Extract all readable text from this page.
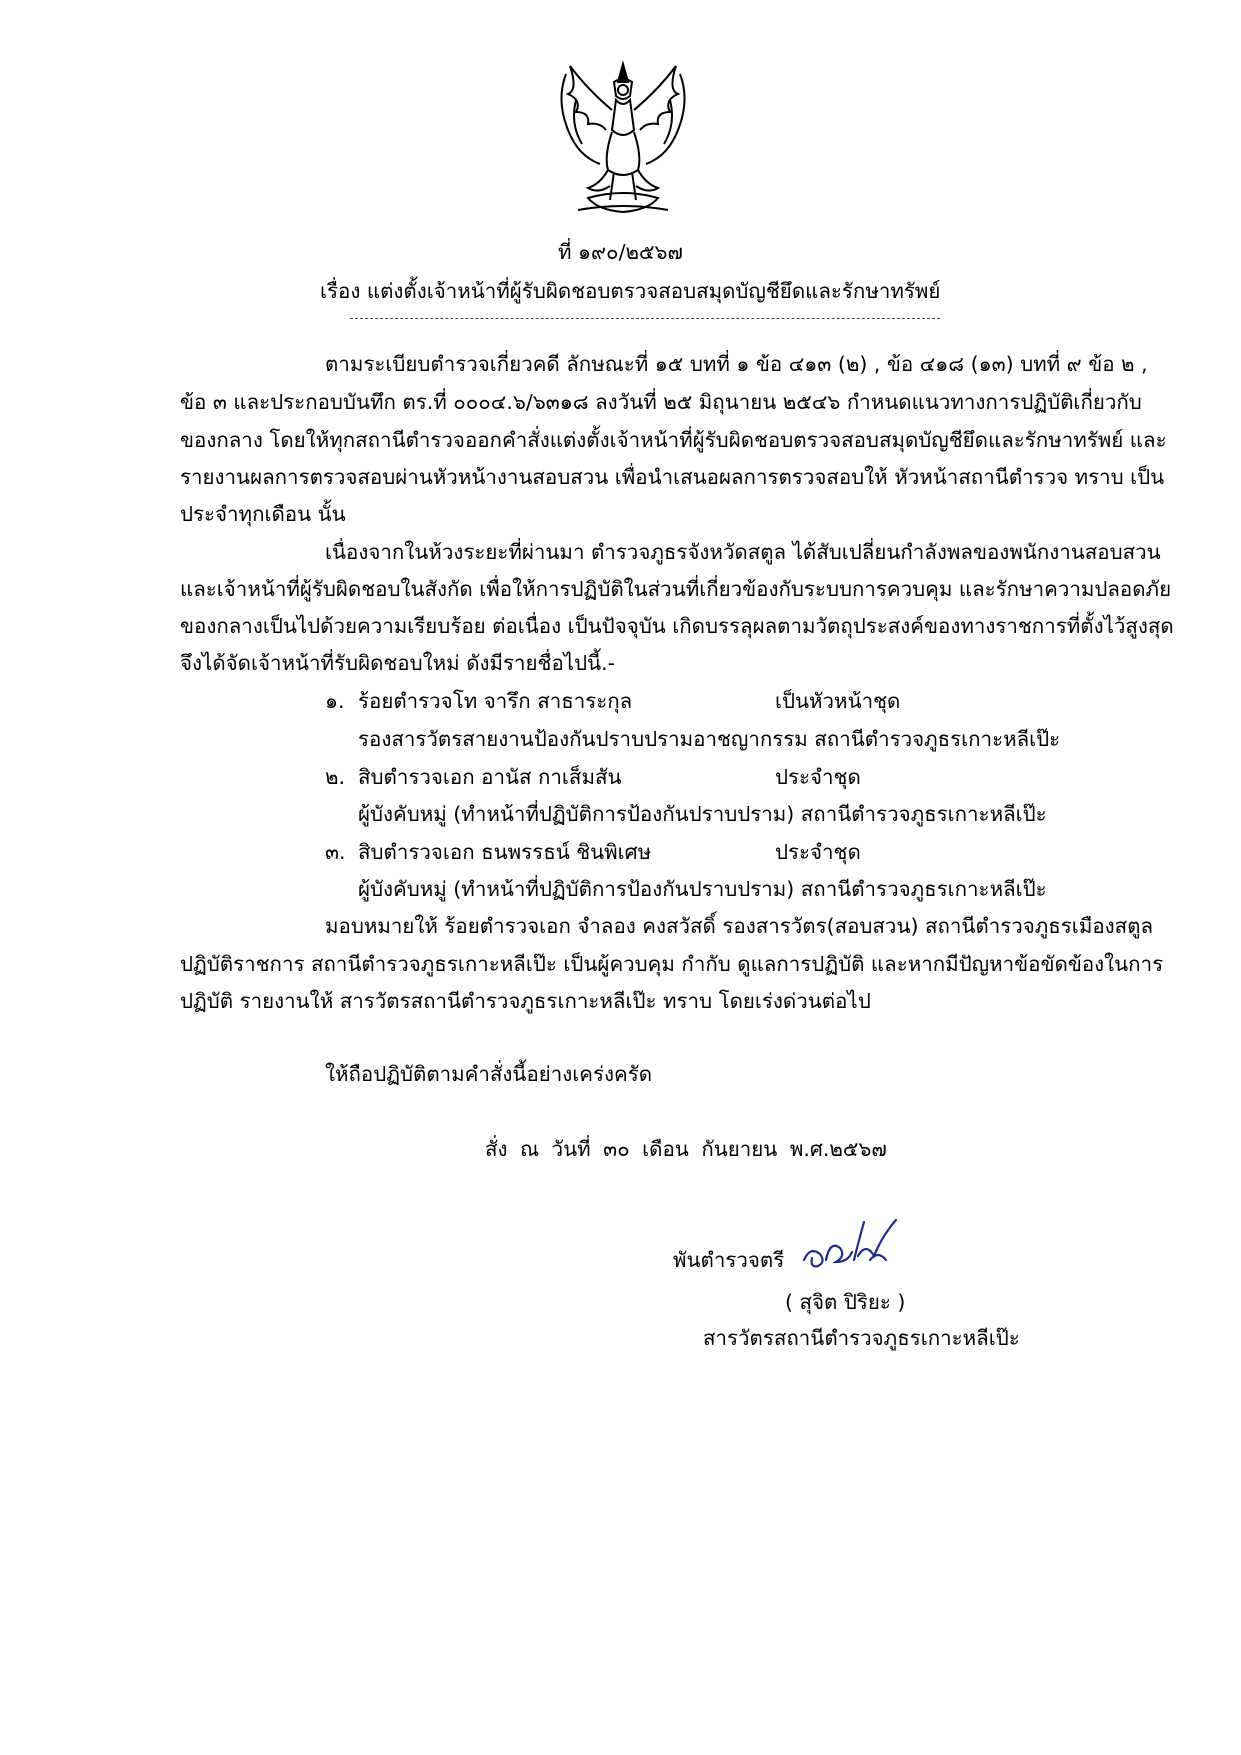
ที่ ๑๙๐/๒๕๖๗
เรื่อง แต่งตั้งเจ้าหน้าที่ผู้รับผิดชอบตรวจสอบสมุดบัญชียึดและรักษาทรัพย์
ตามระเบียบตำรวจเกี่ยวคดี ลักษณะที่ ๑๕ บทที่ ๑ ข้อ ๔๑๓ (๒) , ข้อ ๔๑๘ (๑๓) บทที่ ๙ ข้อ ๒ ,
ข้อ ๓ และประกอบบันทึก ตร.ที่ ๐๐๐๔.๖/๖๓๑๘ ลงวันที่ ๒๕ มิถุนายน ๒๕๔๖ กำหนดแนวทางการปฏิบัติเกี่ยวกับ
ของกลาง โดยให้ทุกสถานีตำรวจออกคำสั่งแต่งตั้งเจ้าหน้าที่ผู้รับผิดชอบตรวจสอบสมุดบัญชียึดและรักษาทรัพย์ และ
รายงานผลการตรวจสอบผ่านหัวหน้างานสอบสวน เพื่อนำเสนอผลการตรวจสอบให้ หัวหน้าสถานีตำรวจ ทราบ เป็น
ประจำทุกเดือน นั้น
เนื่องจากในห้วงระยะที่ผ่านมา ตำรวจภูธรจังหวัดสตูล ได้สับเปลี่ยนกำลังพลของพนักงานสอบสวน
และเจ้าหน้าที่ผู้รับผิดชอบในสังกัด เพื่อให้การปฏิบัติในส่วนที่เกี่ยวข้องกับระบบการควบคุม และรักษาความปลอดภัย
ของกลางเป็นไปด้วยความเรียบร้อย ต่อเนื่อง เป็นปัจจุบัน เกิดบรรลุผลตามวัตถุประสงค์ของทางราชการที่ตั้งไว้สูงสุด
จึงได้จัดเจ้าหน้าที่รับผิดชอบใหม่ ดังมีรายชื่อไปนี้.-
๑. ร้อยตำรวจโท จารึก สาธาระกุล	เป็นหัวหน้าชุด
รองสารวัตรสายงานป้องกันปราบปรามอาชญากรรม สถานีตำรวจภูธรเกาะหลีเป๊ะ
๒. สิบตำรวจเอก อานัส กาเส็มสัน	ประจำชุด
ผู้บังคับหมู่ (ทำหน้าที่ปฏิบัติการป้องกันปราบปราม) สถานีตำรวจภูธรเกาะหลีเป๊ะ
๓. สิบตำรวจเอก ธนพรรธน์ ชินพิเศษ	ประจำชุด
ผู้บังคับหมู่ (ทำหน้าที่ปฏิบัติการป้องกันปราบปราม) สถานีตำรวจภูธรเกาะหลีเป๊ะ
มอบหมายให้ ร้อยตำรวจเอก จำลอง คงสวัสดิ์ รองสารวัตร(สอบสวน) สถานีตำรวจภูธรเมืองสตูล
ปฏิบัติราชการ สถานีตำรวจภูธรเกาะหลีเป๊ะ เป็นผู้ควบคุม กำกับ ดูแลการปฏิบัติ และหากมีปัญหาข้อขัดข้องในการ
ปฏิบัติ รายงานให้ สารวัตรสถานีตำรวจภูธรเกาะหลีเป๊ะ ทราบ โดยเร่งด่วนต่อไป
ให้ถือปฏิบัติตามคำสั่งนี้อย่างเคร่งครัด
สั่ง ณ วันที่ ๓๐ เดือน กันยายน พ.ศ.๒๕๖๗
พันตำรวจตรี
( สุจิต ปิริยะ )
สารวัตรสถานีตำรวจภูธรเกาะหลีเป๊ะ
